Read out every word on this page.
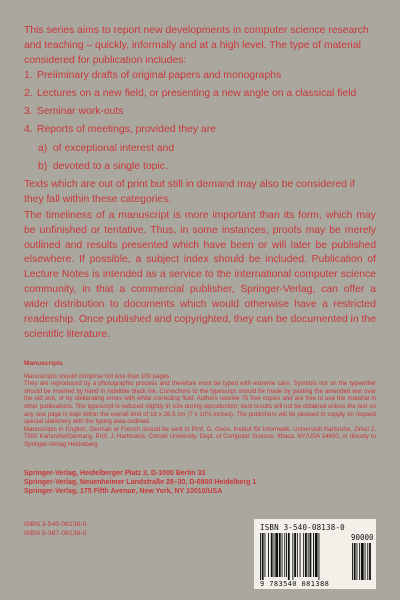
This series aims to report new developments in computer science research and teaching – quickly, informally and at a high level. The type of material considered for publication includes:

1. Preliminary drafts of original papers and monographs
2. Lectures on a new field, or presenting a new angle on a classical field
3. Seminar work-outs
4. Reports of meetings, provided they are
a) of exceptional interest and
b) devoted to a single topic.

Texts which are out of print but still in demand may also be considered if they fall within these categories.

The timeliness of a manuscript is more important than its form, which may be unfinished or tentative. Thus, in some instances, proofs may be merely outlined and results presented which have been or will later be published elsewhere. If possible, a subject index should be included. Publication of Lecture Notes is intended as a service to the international computer science community, in that a commercial publisher, Springer-Verlag, can offer a wider distribution to documents which would otherwise have a restricted readership. Once published and copyrighted, they can be documented in the scientific literature.

Manuscripts

Manuscripts should comprise not less than 100 pages.

They are reproduced by a photographic process and therefore must be typed with extreme care. Symbols not on the typewriter should be inserted by hand in indelible black ink. Corrections to the typescript should be made by pasting the amended text over the old one, or by obliterating errors with white correcting fluid. Authors receive 75 free copies and are free to use the material in other publications. The typescript is reduced slightly in size during reproduction; best results will not be obtained unless the text on any one page is kept within the overall limit of 18 x 26.5 cm (7 x 10½ inches). The publishers will be pleased to supply on request special stationery with the typing area outlined.

Manuscripts in English, German or French should be sent to Prof. G. Goos, Institut für Informatik, Universität Karlsruhe, Zirkel 2, 7500 Karlsruhe/Germany, Prof. J. Hartmanis, Cornell University, Dept. of Computer Science, Ithaca, NY/USA 14850, or directly to Springer-Verlag Heidelberg.

Springer-Verlag, Heidelberger Platz 3, D-1000 Berlin 33
Springer-Verlag, Neuenheimer Landstraße 28–30, D-6900 Heidelberg 1
Springer-Verlag, 175 Fifth Avenue, New York, NY 10010/USA
ISBN 3-540-08138-0
ISBN 0-387-08138-0
ISBN 3-540-08138-0
90000
9 783540 081388
